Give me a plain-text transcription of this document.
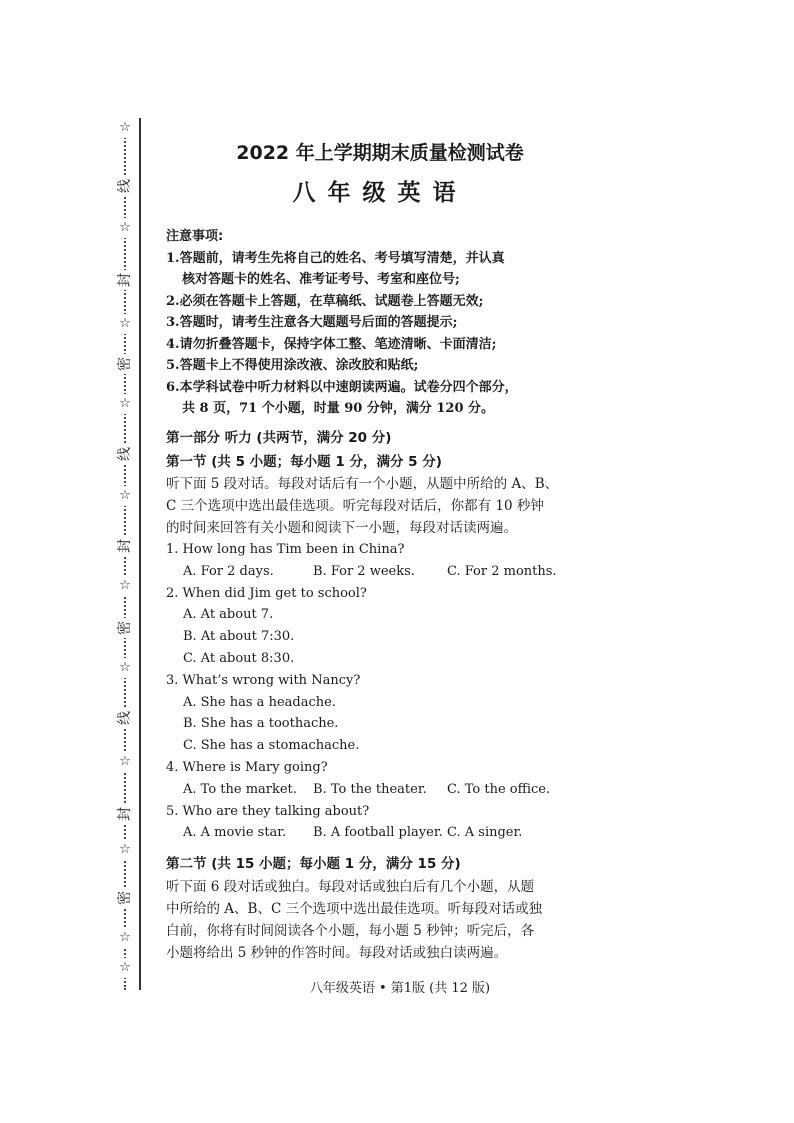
☆
线
☆
封
☆
密
☆
线
☆
封
☆
密
☆
线
☆
封
☆
密
☆
☆
2022 年上学期期末质量检测试卷
八年级英语
注意事项:
1.答题前，请考生先将自己的姓名、考号填写清楚，并认真
核对答题卡的姓名、准考证考号、考室和座位号;
2.必须在答题卡上答题，在草稿纸、试题卷上答题无效;
3.答题时，请考生注意各大题题号后面的答题提示;
4.请勿折叠答题卡，保持字体工整、笔迹清晰、卡面清洁;
5.答题卡上不得使用涂改液、涂改胶和贴纸;
6.本学科试卷中听力材料以中速朗读两遍。试卷分四个部分，
共 8 页，71 个小题，时量 90 分钟，满分 120 分。
第一部分 听力 (共两节，满分 20 分)
第一节 (共 5 小题；每小题 1 分，满分 5 分)
听下面 5 段对话。每段对话后有一个小题，从题中所给的 A、B、
C 三个选项中选出最佳选项。听完每段对话后，你都有 10 秒钟
的时间来回答有关小题和阅读下一小题，每段对话读两遍。
1. How long has Tim been in China?
A. For 2 days.	B. For 2 weeks.	C. For 2 months.
2. When did Jim get to school?
A. At about 7.
B. At about 7:30.
C. At about 8:30.
3. What’s wrong with Nancy?
A. She has a headache.
B. She has a toothache.
C. She has a stomachache.
4. Where is Mary going?
A. To the market.	B. To the theater.	C. To the office.
5. Who are they talking about?
A. A movie star.	B. A football player. C. A singer.
第二节 (共 15 小题；每小题 1 分，满分 15 分)
听下面 6 段对话或独白。每段对话或独白后有几个小题，从题
中所给的 A、B、C 三个选项中选出最佳选项。听每段对话或独
白前，你将有时间阅读各个小题，每小题 5 秒钟；听完后，各
小题将给出 5 秒钟的作答时间。每段对话或独白读两遍。
八年级英语 • 第1版 (共 12 版)
